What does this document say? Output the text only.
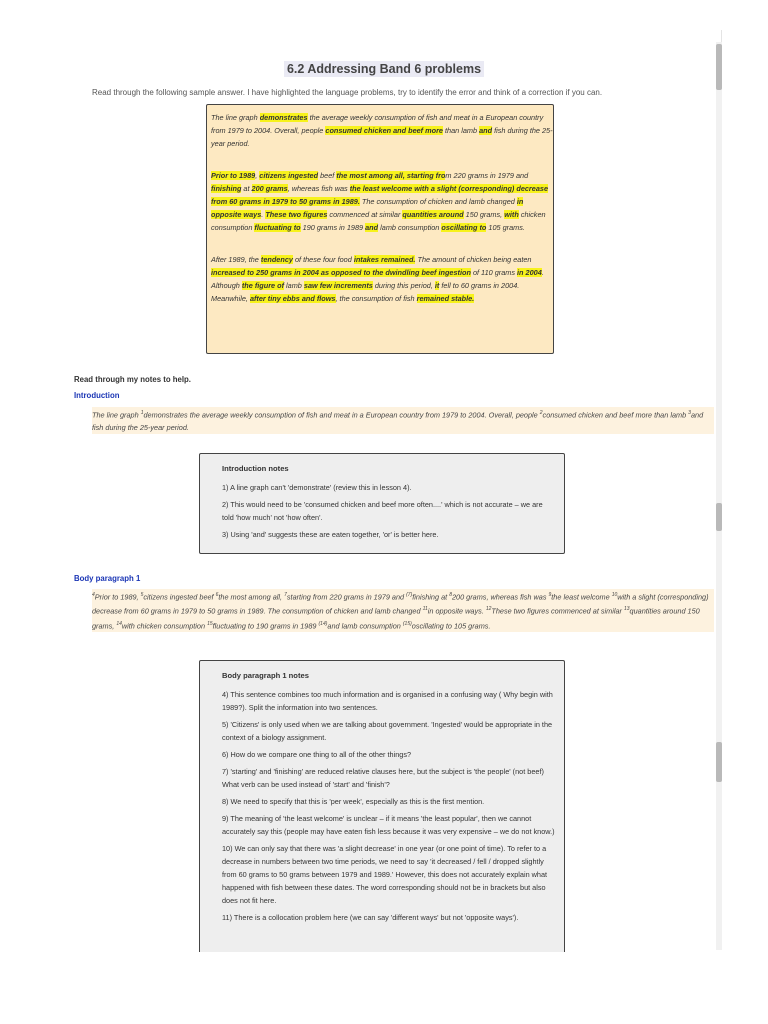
6.2 Addressing Band 6 problems
Read through the following sample answer. I have highlighted the language problems, try to identify the error and think of a correction if you can.

The line graph demonstrates the average weekly consumption of fish and meat in a European country from 1979 to 2004. Overall, people consumed chicken and beef more than lamb and fish during the 25-year period.

Prior to 1989, citizens ingested beef the most among all, starting from 220 grams in 1979 and finishing at 200 grams, whereas fish was the least welcome with a slight (corresponding) decrease from 60 grams in 1979 to 50 grams in 1989. The consumption of chicken and lamb changed in opposite ways. These two figures commenced at similar quantities around 150 grams, with chicken consumption fluctuating to 190 grams in 1989 and lamb consumption oscillating to 105 grams.

After 1989, the tendency of these four food intakes remained. The amount of chicken being eaten increased to 250 grams in 2004 as opposed to the dwindling beef ingestion of 110 grams in 2004. Although the figure of lamb saw few increments during this period, it fell to 60 grams in 2004. Meanwhile, after tiny ebbs and flows, the consumption of fish remained stable.

Read through my notes to help.
Introduction
The line graph $^1$demonstrates the average weekly consumption of fish and meat in a European country from 1979 to 2004. Overall, people $^2$consumed chicken and beef more than lamb $^3$and fish during the 25-year period.
Introduction notes
1) A line graph can't 'demonstrate' (review this in lesson 4).
2) This would need to be 'consumed chicken and beef more often....' which is not accurate – we are told 'how much' not 'how often'.
3) Using 'and' suggests these are eaten together, 'or' is better here.
Body paragraph 1
$^4$Prior to 1989, $^5$citizens ingested beef $^6$the most among all, $^7$starting from 220 grams in 1979 and $^{(7)}$finishing at $^8$200 grams, whereas fish was $^9$the least welcome $^{10}$with a slight (corresponding) decrease from 60 grams in 1979 to 50 grams in 1989. The consumption of chicken and lamb changed $^{11}$in opposite ways. $^{12}$These two figures commenced at similar $^{13}$quantities around 150 grams, $^{14}$with chicken consumption $^{15}$fluctuating to 190 grams in 1989 $^{(14)}$and lamb consumption $^{(15)}$oscillating to 105 grams.
Body paragraph 1 notes
4) This sentence combines too much information and is organised in a confusing way ( Why begin with 1989?). Split the information into two sentences.
5) 'Citizens' is only used when we are talking about government. 'Ingested' would be appropriate in the context of a biology assignment.
6) How do we compare one thing to all of the other things?
7) 'starting' and 'finishing' are reduced relative clauses here, but the subject is 'the people' (not beef) What verb can be used instead of 'start' and 'finish'?
8) We need to specify that this is 'per week', especially as this is the first mention.
9) The meaning of 'the least welcome' is unclear – if it means 'the least popular', then we cannot accurately say this (people may have eaten fish less because it was very expensive – we do not know.)
10) We can only say that there was 'a slight decrease' in one year (or one point of time). To refer to a decrease in numbers between two time periods, we need to say 'it decreased / fell / dropped slightly from 60 grams to 50 grams between 1979 and 1989.' However, this does not accurately explain what happened with fish between these dates. The word corresponding should not be in brackets but also does not fit here.
11) There is a collocation problem here (we can say 'different ways' but not 'opposite ways').
